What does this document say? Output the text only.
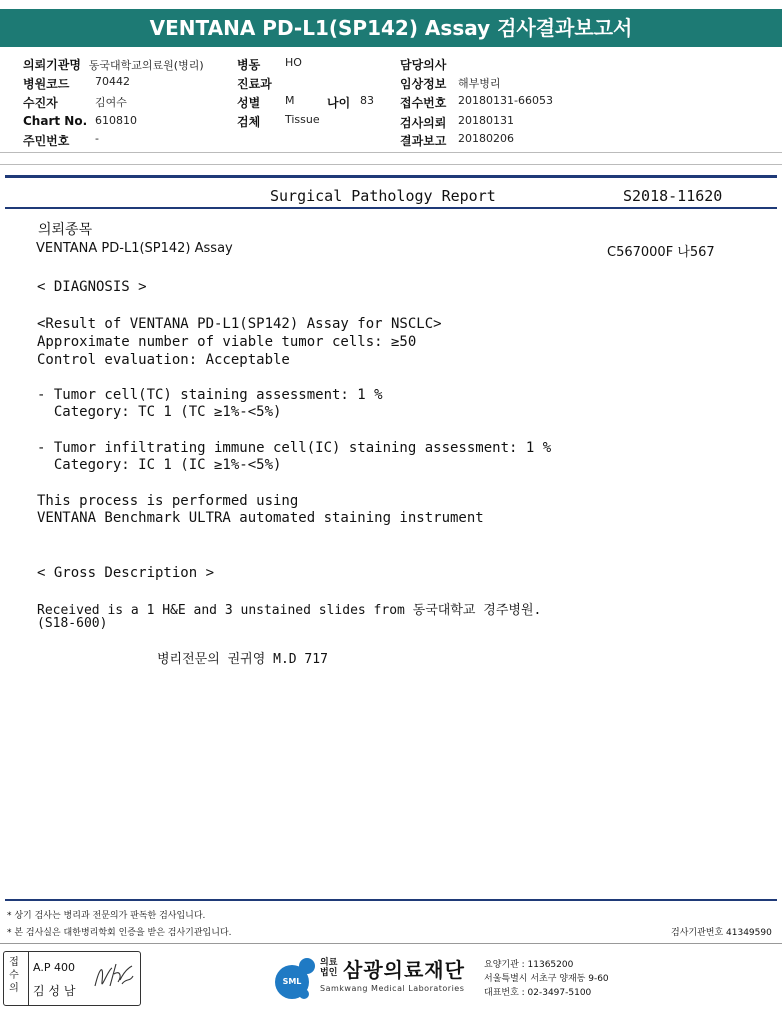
VENTANA PD-L1(SP142) Assay 검사결과보고서
의뢰기관명 동국대학교의료원(병리)
병원코드 70442
수진자	김여수
Chart No. 610810
주민번호 -
병동 HO
진료과
성별 M	나이 83
검체 Tissue
담당의사
임상정보 해부병리
접수번호 20180131-66053
검사의뢰 20180131
결과보고 20180206
Surgical Pathology Report	S2018-11620
의뢰종목
VENTANA PD-L1(SP142) Assay	C567000F 나567
< DIAGNOSIS >
<Result of VENTANA PD-L1(SP142) Assay for NSCLC>
Approximate number of viable tumor cells: ≥50
Control evaluation: Acceptable
- Tumor cell(TC) staining assessment: 1 %
Category: TC 1 (TC ≥1%-<5%)
- Tumor infiltrating immune cell(IC) staining assessment: 1 %
Category: IC 1 (IC ≥1%-<5%)
This process is performed using
VENTANA Benchmark ULTRA automated staining instrument
< Gross Description >
Received is a 1 H&E and 3 unstained slides from 동국대학교 경주병원.
(S18-600)
병리전문의 권귀영 M.D 717
* 상기 검사는 병리과 전문의가 판독한 검사입니다.
* 본 검사실은 대한병리학회 인증을 받은 검사기관입니다.	검사기관번호 41349590
접수의
A.P 400
김 성 남
SML
의료
법인 삼광의료재단
Samkwang Medical Laboratories
요양기관 : 11365200
서울특별시 서초구 양재동 9-60
대표번호 : 02-3497-5100
